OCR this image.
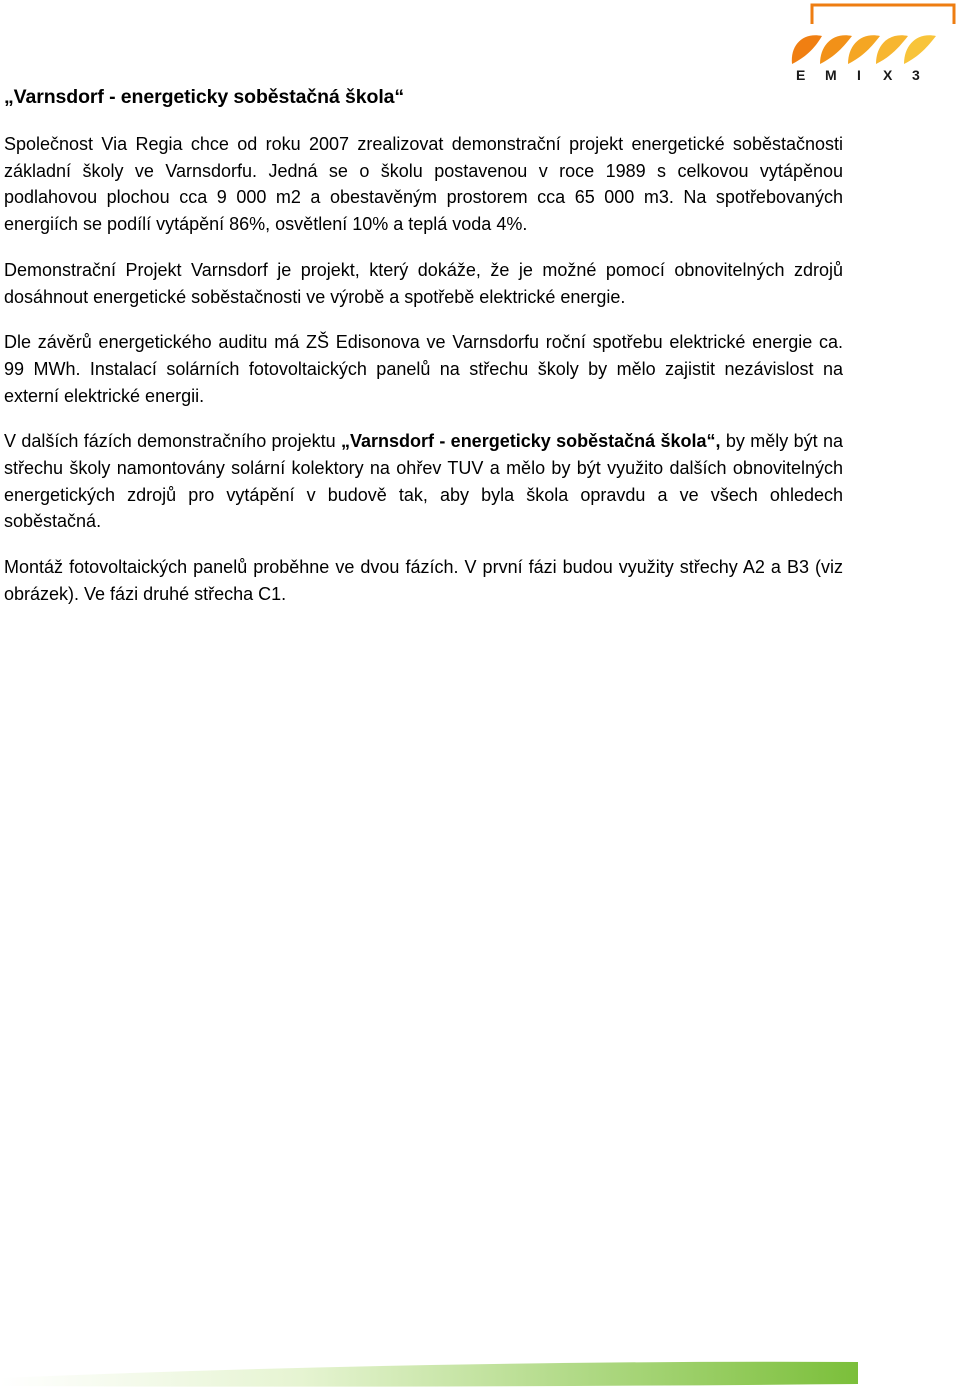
E M I X 3
„Varnsdorf - energeticky soběstačná škola“

Společnost Via Regia chce od roku 2007 zrealizovat demonstrační projekt energetické soběstačnosti základní školy ve Varnsdorfu. Jedná se o školu postavenou v roce 1989 s celkovou vytápěnou podlahovou plochou cca 9 000 m2 a obestavěným prostorem cca 65 000 m3. Na spotřebovaných energiích se podílí vytápění 86%, osvětlení 10% a teplá voda 4%.

Demonstrační Projekt Varnsdorf je projekt, který dokáže, že je možné pomocí obnovitelných zdrojů dosáhnout energetické soběstačnosti ve výrobě a spotřebě elektrické energie.

Dle závěrů energetického auditu má ZŠ Edisonova ve Varnsdorfu roční spotřebu elektrické energie ca. 99 MWh. Instalací solárních fotovoltaických panelů na střechu školy by mělo zajistit nezávislost na externí elektrické energii.

V dalších fázích demonstračního projektu „Varnsdorf - energeticky soběstačná škola“, by měly být na střechu školy namontovány solární kolektory na ohřev TUV a mělo by být využito dalších obnovitelných energetických zdrojů pro vytápění v budově tak, aby byla škola opravdu a ve všech ohledech soběstačná.

Montáž fotovoltaických panelů proběhne ve dvou fázích. V první fázi budou využity střechy A2 a B3 (viz obrázek). Ve fázi druhé střecha C1.
